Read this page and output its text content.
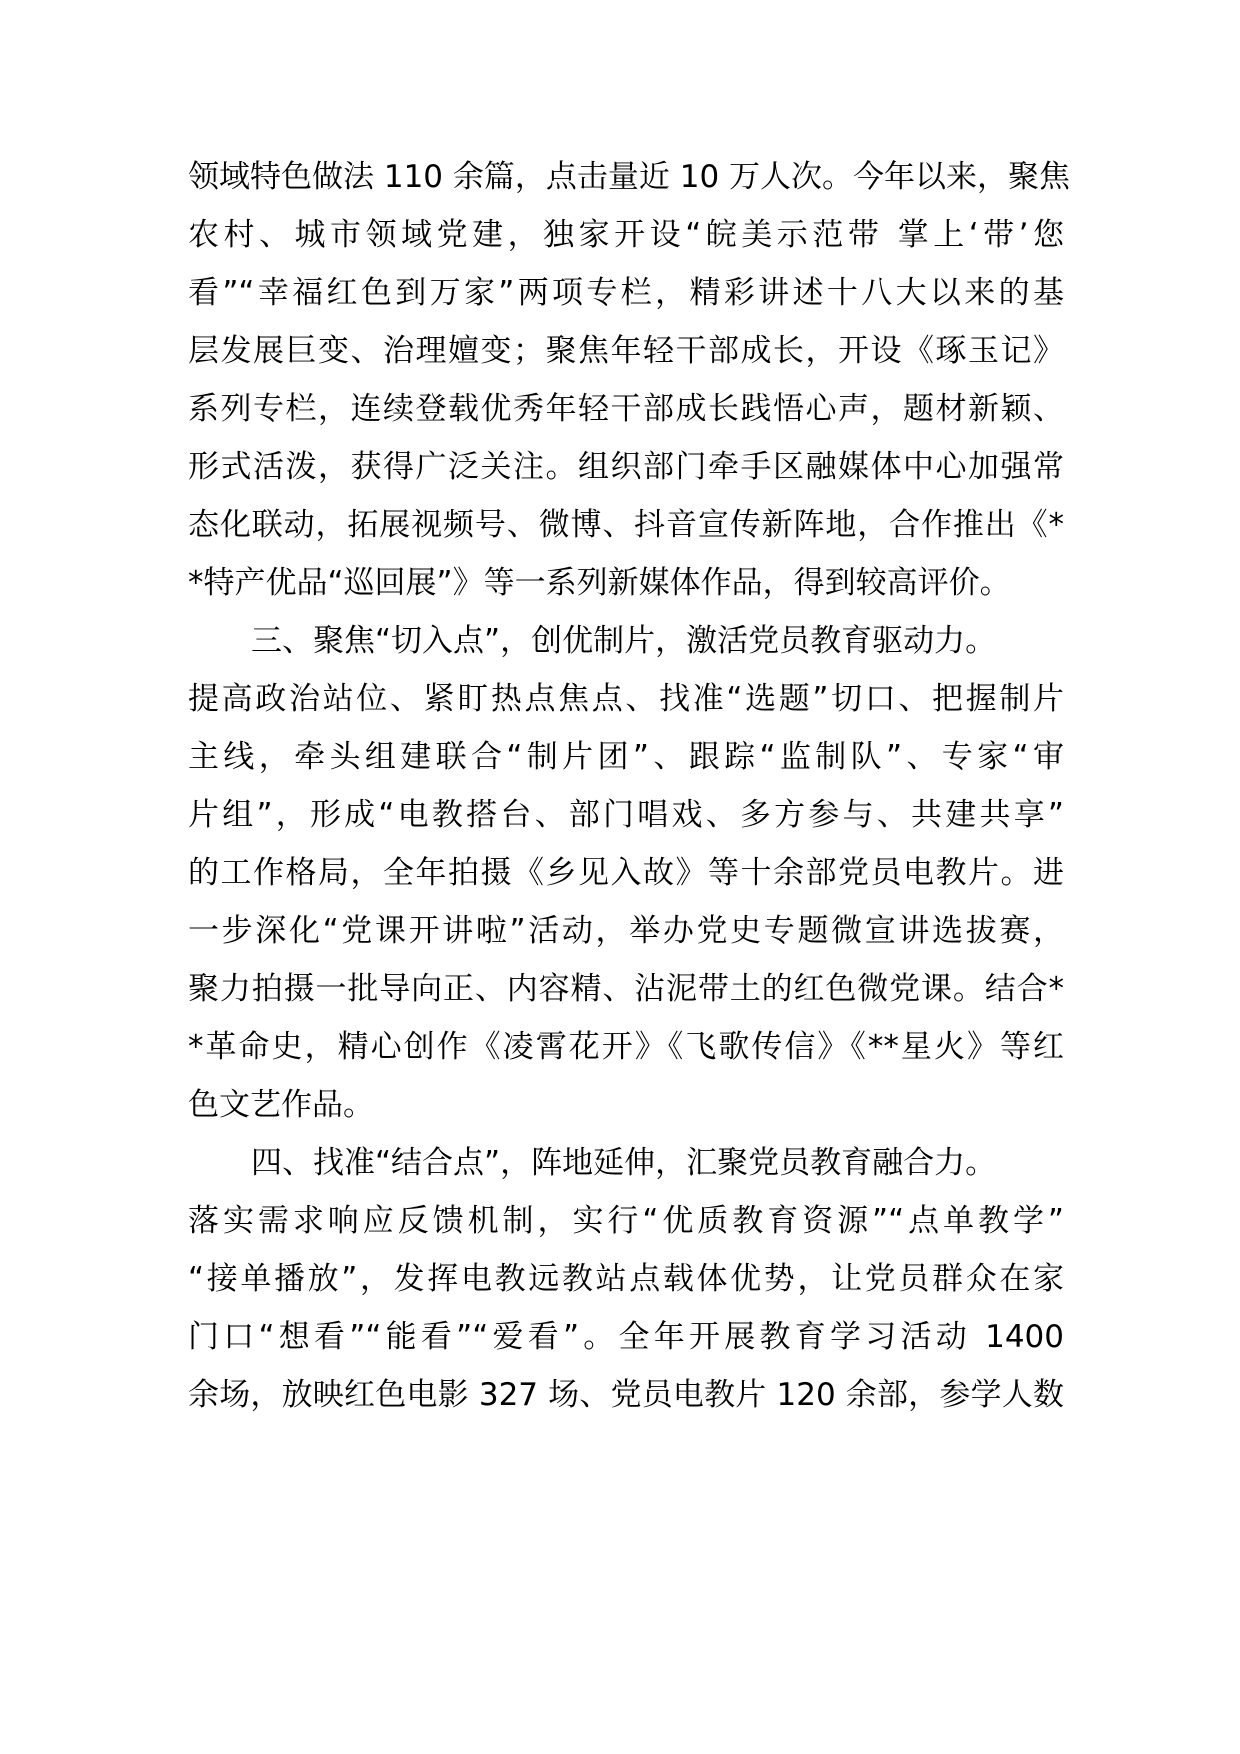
领域特色做法 110 余篇，点击量近 10 万人次。今年以来，聚焦
农村、城市领域党建，独家开设“皖美示范带 掌上‘带’您
看”“幸福红色到万家”两项专栏，精彩讲述十八大以来的基
层发展巨变、治理嬗变；聚焦年轻干部成长，开设《琢玉记》
系列专栏，连续登载优秀年轻干部成长践悟心声，题材新颖、
形式活泼，获得广泛关注。组织部门牵手区融媒体中心加强常
态化联动，拓展视频号、微博、抖音宣传新阵地，合作推出《*
*特产优品“巡回展”》等一系列新媒体作品，得到较高评价。
三、聚焦“切入点”，创优制片，激活党员教育驱动力。
提高政治站位、紧盯热点焦点、找准“选题”切口、把握制片
主线，牵头组建联合“制片团”、跟踪“监制队”、专家“审
片组”，形成“电教搭台、部门唱戏、多方参与、共建共享”
的工作格局，全年拍摄《乡见入故》等十余部党员电教片。进
一步深化“党课开讲啦”活动，举办党史专题微宣讲选拔赛，
聚力拍摄一批导向正、内容精、沾泥带土的红色微党课。结合*
*革命史，精心创作《凌霄花开》《飞歌传信》《**星火》等红
色文艺作品。
四、找准“结合点”，阵地延伸，汇聚党员教育融合力。
落实需求响应反馈机制，实行“优质教育资源”“点单教学”
“接单播放”，发挥电教远教站点载体优势，让党员群众在家
门口“想看”“能看”“爱看”。全年开展教育学习活动 1400
余场，放映红色电影 327 场、党员电教片 120 余部，参学人数
